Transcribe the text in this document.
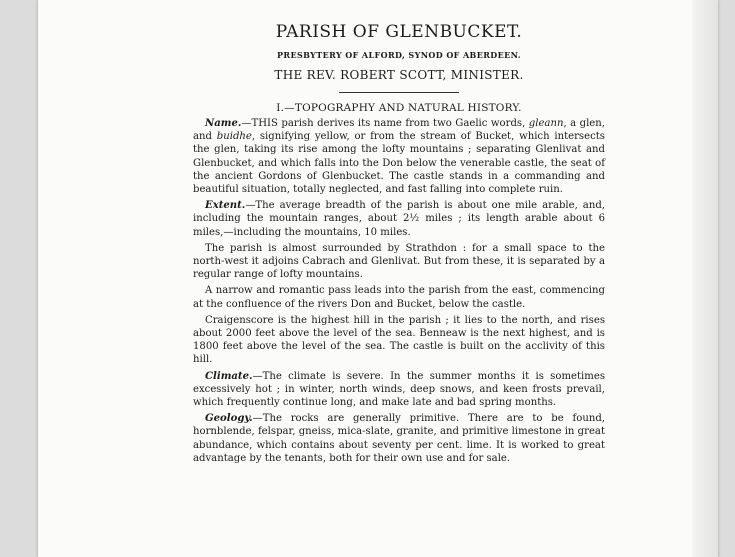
PARISH OF GLENBUCKET.
PRESBYTERY OF ALFORD, SYNOD OF ABERDEEN.
THE REV. ROBERT SCOTT, MINISTER.
I.—TOPOGRAPHY AND NATURAL HISTORY.

Name.—THIS parish derives its name from two Gaelic words, gleann, a glen, and buidhe, signifying yellow, or from the stream of Bucket, which intersects the glen, taking its rise among the lofty mountains ; separating Glenlivat and Glenbucket, and which falls into the Don below the venerable castle, the seat of the ancient Gordons of Glenbucket. The castle stands in a commanding and beautiful situation, totally neglected, and fast falling into complete ruin.

Extent.—The average breadth of the parish is about one mile arable, and, including the mountain ranges, about 2½ miles ; its length arable about 6 miles,—including the mountains, 10 miles.

The parish is almost surrounded by Strathdon : for a small space to the north-west it adjoins Cabrach and Glenlivat. But from these, it is separated by a regular range of lofty mountains.

A narrow and romantic pass leads into the parish from the east, commencing at the confluence of the rivers Don and Bucket, below the castle.

Craigenscore is the highest hill in the parish ; it lies to the north, and rises about 2000 feet above the level of the sea. Benneaw is the next highest, and is 1800 feet above the level of the sea. The castle is built on the acclivity of this hill.

Climate.—The climate is severe. In the summer months it is sometimes excessively hot ; in winter, north winds, deep snows, and keen frosts prevail, which frequently continue long, and make late and bad spring months.

Geology.—The rocks are generally primitive. There are to be found, hornblende, felspar, gneiss, mica-slate, granite, and primitive limestone in great abundance, which contains about seventy per cent. lime. It is worked to great advantage by the tenants, both for their own use and for sale.
